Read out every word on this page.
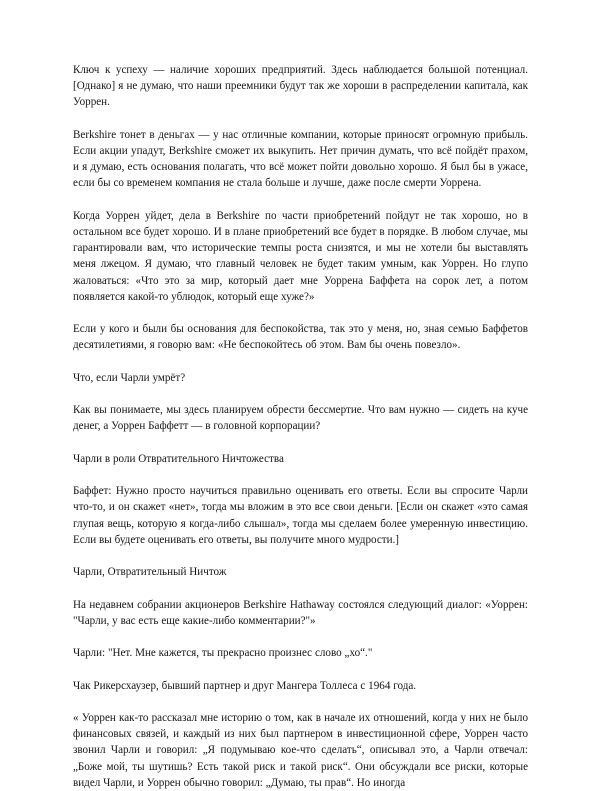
Ключ к успеху — наличие хороших предприятий. Здесь наблюдается большой потенциал. [Однако] я не думаю, что наши преемники будут так же хороши в распределении капитала, как Уоррен.

Berkshire тонет в деньгах — у нас отличные компании, которые приносят огромную прибыль. Если акции упадут, Berkshire сможет их выкупить. Нет причин думать, что всё пойдёт прахом, и я думаю, есть основания полагать, что всё может пойти довольно хорошо. Я был бы в ужасе, если бы со временем компания не стала больше и лучше, даже после смерти Уоррена.

Когда Уоррен уйдет, дела в Berkshire по части приобретений пойдут не так хорошо, но в остальном все будет хорошо. И в плане приобретений все будет в порядке. В любом случае, мы гарантировали вам, что исторические темпы роста снизятся, и мы не хотели бы выставлять меня лжецом. Я думаю, что главный человек не будет таким умным, как Уоррен. Но глупо жаловаться: «Что это за мир, который дает мне Уоррена Баффета на сорок лет, а потом появляется какой-то ублюдок, который еще хуже?»

Если у кого и были бы основания для беспокойства, так это у меня, но, зная семью Баффетов десятилетиями, я говорю вам: «Не беспокойтесь об этом. Вам бы очень повезло».

Что, если Чарли умрёт?

Как вы понимаете, мы здесь планируем обрести бессмертие. Что вам нужно — сидеть на куче денег, а Уоррен Баффетт — в головной корпорации?

Чарли в роли Отвратительного Ничтожества

Баффет: Нужно просто научиться правильно оценивать его ответы. Если вы спросите Чарли что-то, и он скажет «нет», тогда мы вложим в это все свои деньги. [Если он скажет «это самая глупая вещь, которую я когда-либо слышал», тогда мы сделаем более умеренную инвестицию. Если вы будете оценивать его ответы, вы получите много мудрости.]

Чарли, Отвратительный Ничтож

На недавнем собрании акционеров Berkshire Hathaway состоялся следующий диалог: «Уоррен: "Чарли, у вас есть еще какие-либо комментарии?"»

Чарли: "Нет. Мне кажется, ты прекрасно произнес слово „хо“."

Чак Рикерсхаузер, бывший партнер и друг Мангера Толлеса с 1964 года.

« Уоррен как-то рассказал мне историю о том, как в начале их отношений, когда у них не было финансовых связей, и каждый из них был партнером в инвестиционной сфере, Уоррен часто звонил Чарли и говорил: „Я подумываю кое-что сделать“, описывал это, а Чарли отвечал: „Боже мой, ты шутишь? Есть такой риск и такой риск“. Они обсуждали все риски, которые видел Чарли, и Уоррен обычно говорил: „Думаю, ты прав“. Но иногда
